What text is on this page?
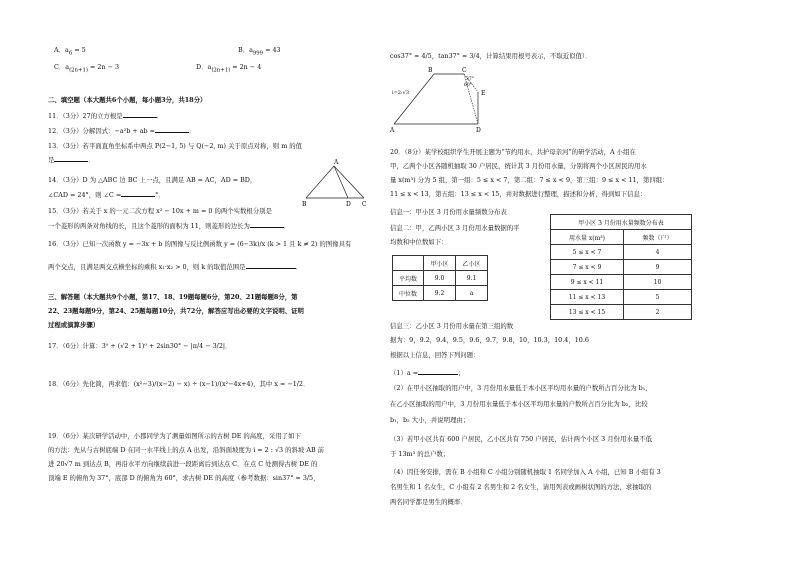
A．$a_6 = 5$	B．$a_{999} = 43$
C．$a_{(2n+1)} = 2n - 3$	D．$a_{(2n+1)} = 2n - 4$
二、填空题（本大题共6个小题，每小题3分，共18分）
11．（3分）27的立方根是	．
12．（3分）分解因式：−a²b + ab =	．
13．（3分）若平面直角坐标系中两点 P(2−1, 5) 与 Q(−2, m) 关于原点对称，则 m 的值
是	．
14．（3分）D 为 △ABC 边 BC 上一点，且满足 AB = AC，AD = BD，
∠CAD = 24°，则 ∠C =	°．
15．（3分）若关于 x 的一元二次方程 x² − 10x + m = 0 的两个实数根分别是
一个菱形的两条对角线的长，且这个菱形的面积为 11，则菱形的边长为	．
16．（3分）已知一次函数 y = −3x + b 的图像与反比例函数 y = (6−3k)/x (k > 1 且 k ≠ 2) 的图像具有
两个交点，且满足两交点横坐标的乘积 x₁·x₂ > 0，则 k 的取值范围是	．
三、解答题（本大题共9个小题，第17、18、19题每题6分，第20、21题每题8分，第
22、23题每题9分，第24、25题每题10分，共72分，解答应写出必要的文字说明、证明
过程或演算步骤）
17．（6分）计算：3⁰ + (√2 + 1)⁰ + 2sin30° − |π/4 − 3/2|．
18．（6分）先化简，再求值：(x²−3)/(x−2) − x) ÷ (x−1)/(x²−4x+4)，其中 x = −1/2．
19．（6分）某次研学活动中，小郡同学为了测量如图所示的古树 DE 的高度，采用了如下
的方法：先从与古树底端 D 在同一水平线上的点 A 出发，沿斜面坡度为 i = 2 : √3 的斜坡 AB 前
进 20√7 m 到达点 B，再沿水平方向继续前进一段距离后到达点 C．在点 C 处测得古树 DE 的
顶端 E 的俯角为 37°，底部 D 的俯角为 60°，求古树 DE 的高度（参考数据：sin37° ≈ 3/5，
A
B	D C
cos37° ≈ 4/5，tan37° ≈ 3/4，计算结果用根号表示，不取近似值）．
20．（8分）某学校组织学生开展主题为“节约用水，共护母亲河”的研学活动，A 小组在
甲，乙两个小区各随机抽取 30 户居民，统计其 3 月份用水量，分别将两个小区居民的用水
量 x(m³) 分为 5 组，第一组：5 ≤ x < 7，第二组：7 ≤ x < 9，第三组：9 ≤ x < 11，第四组：
11 ≤ x < 13，第五组：13 ≤ x < 15，并对数据进行整理，描述和分析，得到如下信息：
信息一：甲小区 3 月份用水量频数分布表
信息二：甲，乙两小区 3 月份用水量数据的平
均数和中位数如下：
信息三：乙小区 3 月份用水量在第三组的数
据为：9，9.2，9.4，9.5，9.6，9.7，9.8，10，10.3，10.4，10.6
根据以上信息，回答下列问题：
（1）a =	；
（2）在甲小区抽取的用户中，3 月份用水量低于本小区平均用水量的户数所占百分比为 b₁，
在乙小区抽取的用户中，3 月份用水量低于本小区平均用水量的户数所占百分比为 b₂，比较
b₁，b₂ 大小，并说明理由；
（3）若甲小区共有 600 户居民，乙小区共有 750 户居民，估计两个小区 3 月份用水量不低
于 13m³ 的总户数；
（4）因任务安排，需在 B 小组和 C 小组分别随机抽取 1 名同学加入 A 小组，已知 B 小组有 3
名男生和 1 名女生，C 小组有 2 名男生和 2 名女生，请用列表或画树状图的方法，求抽取的
两名同学都是男生的概率．
B	C
A	D
E
37°
60°
i=2:√3
	甲小区	乙小区
平均数	9.0	9.1
中位数	9.2	a
甲小区 3 月份用水量频数分布表	
用水量 x(m³)	频数（户）
5 ≤ x < 7	4
7 ≤ x < 9	9
9 ≤ x < 11	10
11 ≤ x < 13	5
13 ≤ x < 15	2
